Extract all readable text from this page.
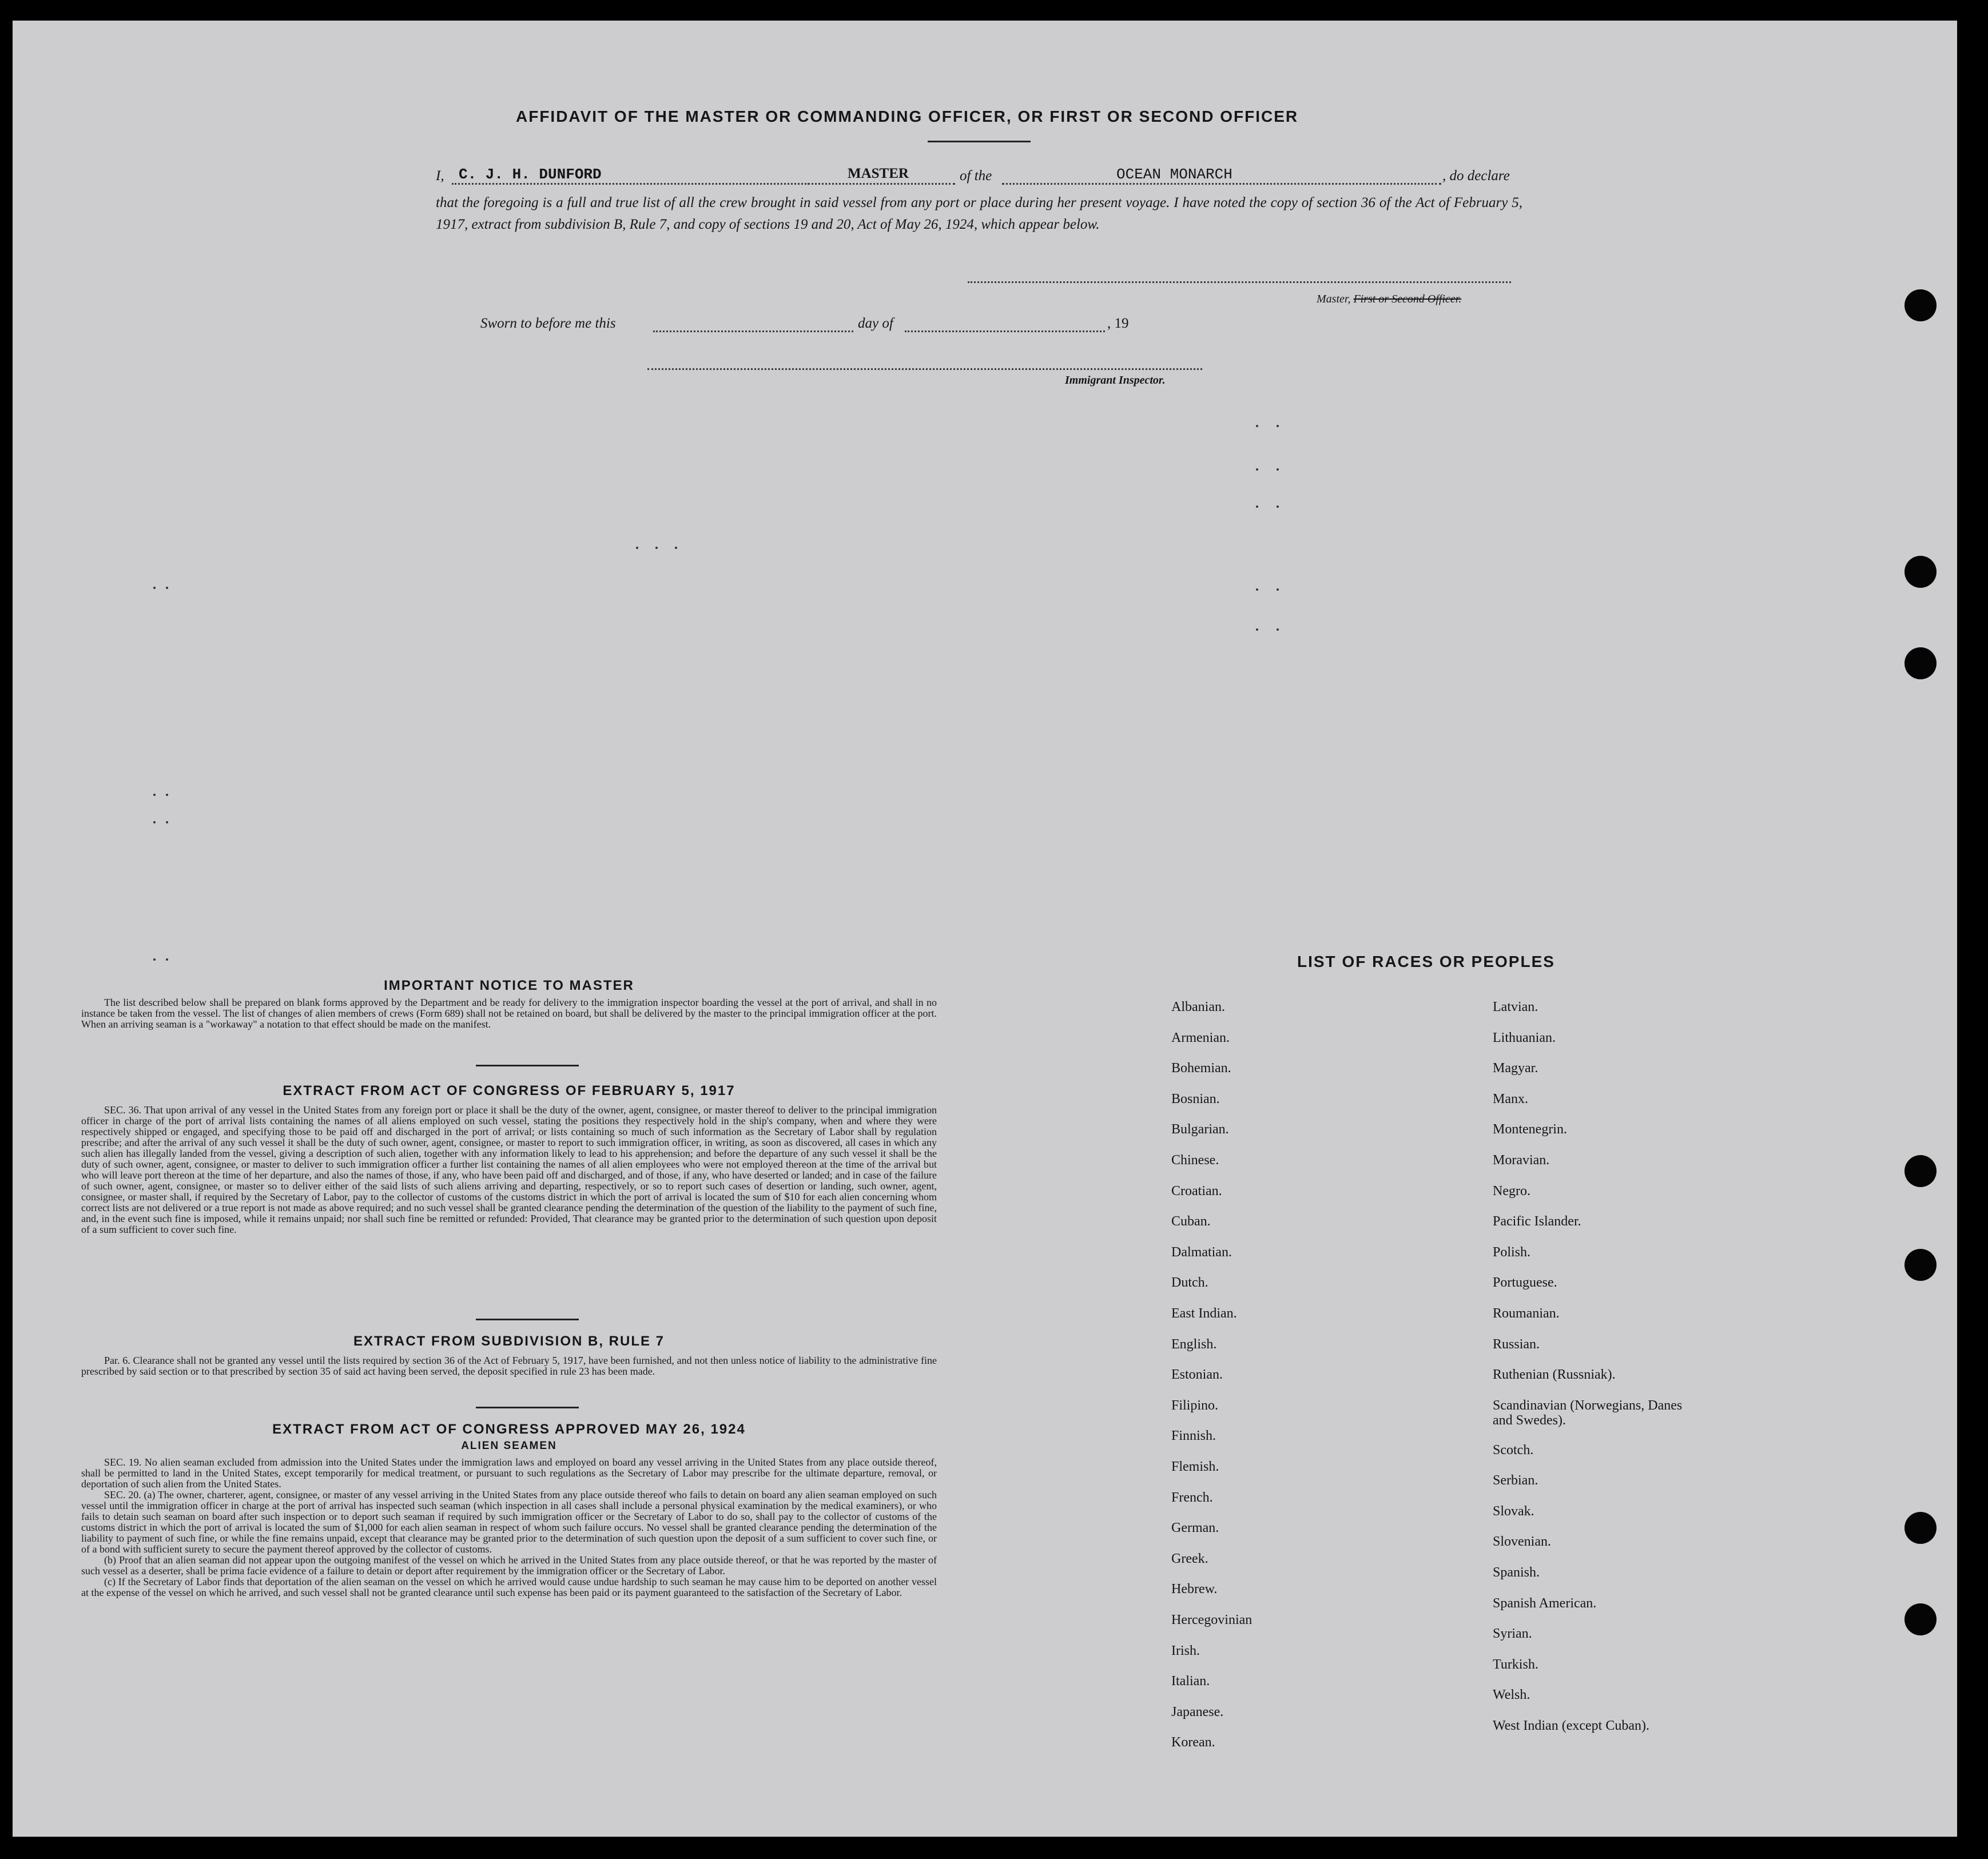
AFFIDAVIT OF THE MASTER OR COMMANDING OFFICER, OR FIRST OR SECOND OFFICER
I, C. J. H. DUNFORD	MASTER	of the	OCEAN MONARCH	, do declare
that the foregoing is a full and true list of all the crew brought in said vessel from any port or place during her present voyage. I have noted the copy of section 36 of the Act of February 5, 1917, extract from subdivision B, Rule 7, and copy of sections 19 and 20, Act of May 26, 1924, which appear below.
Master, First or Second Officer.
Sworn to before me this	day of	, 19
Immigrant Inspector.
IMPORTANT NOTICE TO MASTER
The list described below shall be prepared on blank forms approved by the Department and be ready for delivery to the immigration inspector boarding the vessel at the port of arrival, and shall in no instance be taken from the vessel. The list of changes of alien members of crews (Form 689) shall not be retained on board, but shall be delivered by the master to the principal immigration officer at the port. When an arriving seaman is a "workaway" a notation to that effect should be made on the manifest.
EXTRACT FROM ACT OF CONGRESS OF FEBRUARY 5, 1917
SEC. 36. That upon arrival of any vessel in the United States from any foreign port or place it shall be the duty of the owner, agent, consignee, or master thereof to deliver to the principal immigration officer in charge of the port of arrival lists containing the names of all aliens employed on such vessel, stating the positions they respectively hold in the ship's company, when and where they were respectively shipped or engaged, and specifying those to be paid off and discharged in the port of arrival; or lists containing so much of such information as the Secretary of Labor shall by regulation prescribe; and after the arrival of any such vessel it shall be the duty of such owner, agent, consignee, or master to report to such immigration officer, in writing, as soon as discovered, all cases in which any such alien has illegally landed from the vessel, giving a description of such alien, together with any information likely to lead to his apprehension; and before the departure of any such vessel it shall be the duty of such owner, agent, consignee, or master to deliver to such immigration officer a further list containing the names of all alien employees who were not employed thereon at the time of the arrival but who will leave port thereon at the time of her departure, and also the names of those, if any, who have been paid off and discharged, and of those, if any, who have deserted or landed; and in case of the failure of such owner, agent, consignee, or master so to deliver either of the said lists of such aliens arriving and departing, respectively, or so to report such cases of desertion or landing, such owner, agent, consignee, or master shall, if required by the Secretary of Labor, pay to the collector of customs of the customs district in which the port of arrival is located the sum of $10 for each alien concerning whom correct lists are not delivered or a true report is not made as above required; and no such vessel shall be granted clearance pending the determination of the question of the liability to the payment of such fine, and, in the event such fine is imposed, while it remains unpaid; nor shall such fine be remitted or refunded: Provided, That clearance may be granted prior to the determination of such question upon deposit of a sum sufficient to cover such fine.
EXTRACT FROM SUBDIVISION B, RULE 7
Par. 6. Clearance shall not be granted any vessel until the lists required by section 36 of the Act of February 5, 1917, have been furnished, and not then unless notice of liability to the administrative fine prescribed by said section or to that prescribed by section 35 of said act having been served, the deposit specified in rule 23 has been made.
EXTRACT FROM ACT OF CONGRESS APPROVED MAY 26, 1924
ALIEN SEAMEN
SEC. 19. No alien seaman excluded from admission into the United States under the immigration laws and employed on board any vessel arriving in the United States from any place outside thereof, shall be permitted to land in the United States, except temporarily for medical treatment, or pursuant to such regulations as the Secretary of Labor may prescribe for the ultimate departure, removal, or deportation of such alien from the United States.
SEC. 20. (a) The owner, charterer, agent, consignee, or master of any vessel arriving in the United States from any place outside thereof who fails to detain on board any alien seaman employed on such vessel until the immigration officer in charge at the port of arrival has inspected such seaman (which inspection in all cases shall include a personal physical examination by the medical examiners), or who fails to detain such seaman on board after such inspection or to deport such seaman if required by such immigration officer or the Secretary of Labor to do so, shall pay to the collector of customs of the customs district in which the port of arrival is located the sum of $1,000 for each alien seaman in respect of whom such failure occurs. No vessel shall be granted clearance pending the determination of the liability to payment of such fine, or while the fine remains unpaid, except that clearance may be granted prior to the determination of such question upon the deposit of a sum sufficient to cover such fine, or of a bond with sufficient surety to secure the payment thereof approved by the collector of customs.
(b) Proof that an alien seaman did not appear upon the outgoing manifest of the vessel on which he arrived in the United States from any place outside thereof, or that he was reported by the master of such vessel as a deserter, shall be prima facie evidence of a failure to detain or deport after requirement by the immigration officer or the Secretary of Labor.
(c) If the Secretary of Labor finds that deportation of the alien seaman on the vessel on which he arrived would cause undue hardship to such seaman he may cause him to be deported on another vessel at the expense of the vessel on which he arrived, and such vessel shall not be granted clearance until such expense has been paid or its payment guaranteed to the satisfaction of the Secretary of Labor.
LIST OF RACES OR PEOPLES
Albanian.
Armenian.
Bohemian.
Bosnian.
Bulgarian.
Chinese.
Croatian.
Cuban.
Dalmatian.
Dutch.
East Indian.
English.
Estonian.
Filipino.
Finnish.
Flemish.
French.
German.
Greek.
Hebrew.
Hercegovinian
Irish.
Italian.
Japanese.
Korean.
Latvian.
Lithuanian.
Magyar.
Manx.
Montenegrin.
Moravian.
Negro.
Pacific Islander.
Polish.
Portuguese.
Roumanian.
Russian.
Ruthenian (Russniak).
Scandinavian (Norwegians, Danes and Swedes).
Scotch.
Serbian.
Slovak.
Slovenian.
Spanish.
Spanish American.
Syrian.
Turkish.
Welsh.
West Indian (except Cuban).
